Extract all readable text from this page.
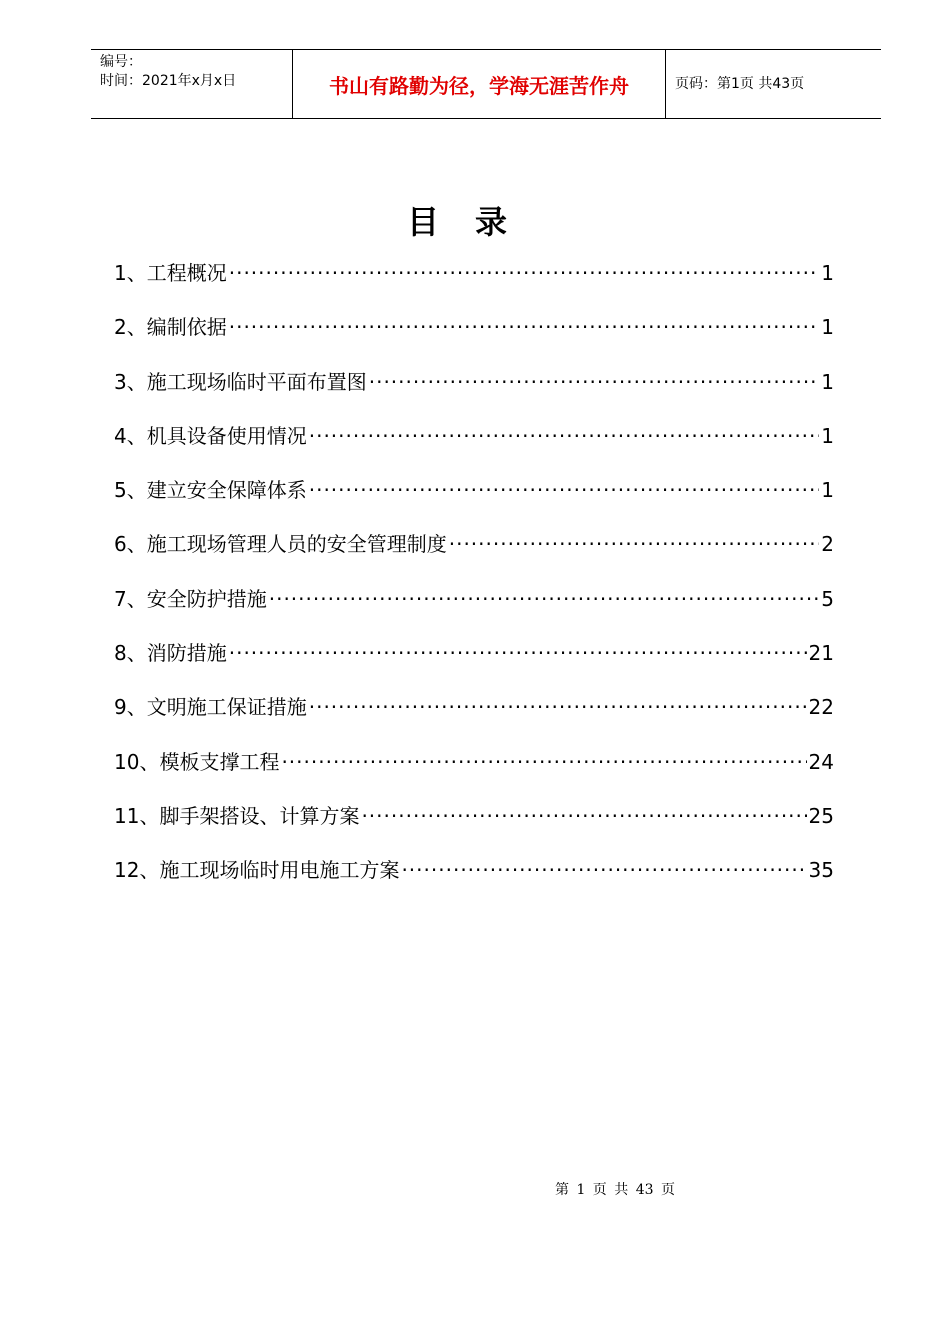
编号：
时间：2021年x月x日	书山有路勤为径，学海无涯苦作舟	页码：第1页 共43页
目录
1、工程概况 ·····	1
2、编制依据 ·····	1
3、施工现场临时平面布置图 ·····	1
4、机具设备使用情况 ·····	1
5、建立安全保障体系 ·····	1
6、施工现场管理人员的安全管理制度 ·····	2
7、安全防护措施 ·····	5
8、消防措施 ·····	21
9、文明施工保证措施 ·····	22
10、模板支撑工程 ·····	24
11、脚手架搭设、计算方案 ·····	25
12、施工现场临时用电施工方案 ·····	35
第 1 页 共 43 页
